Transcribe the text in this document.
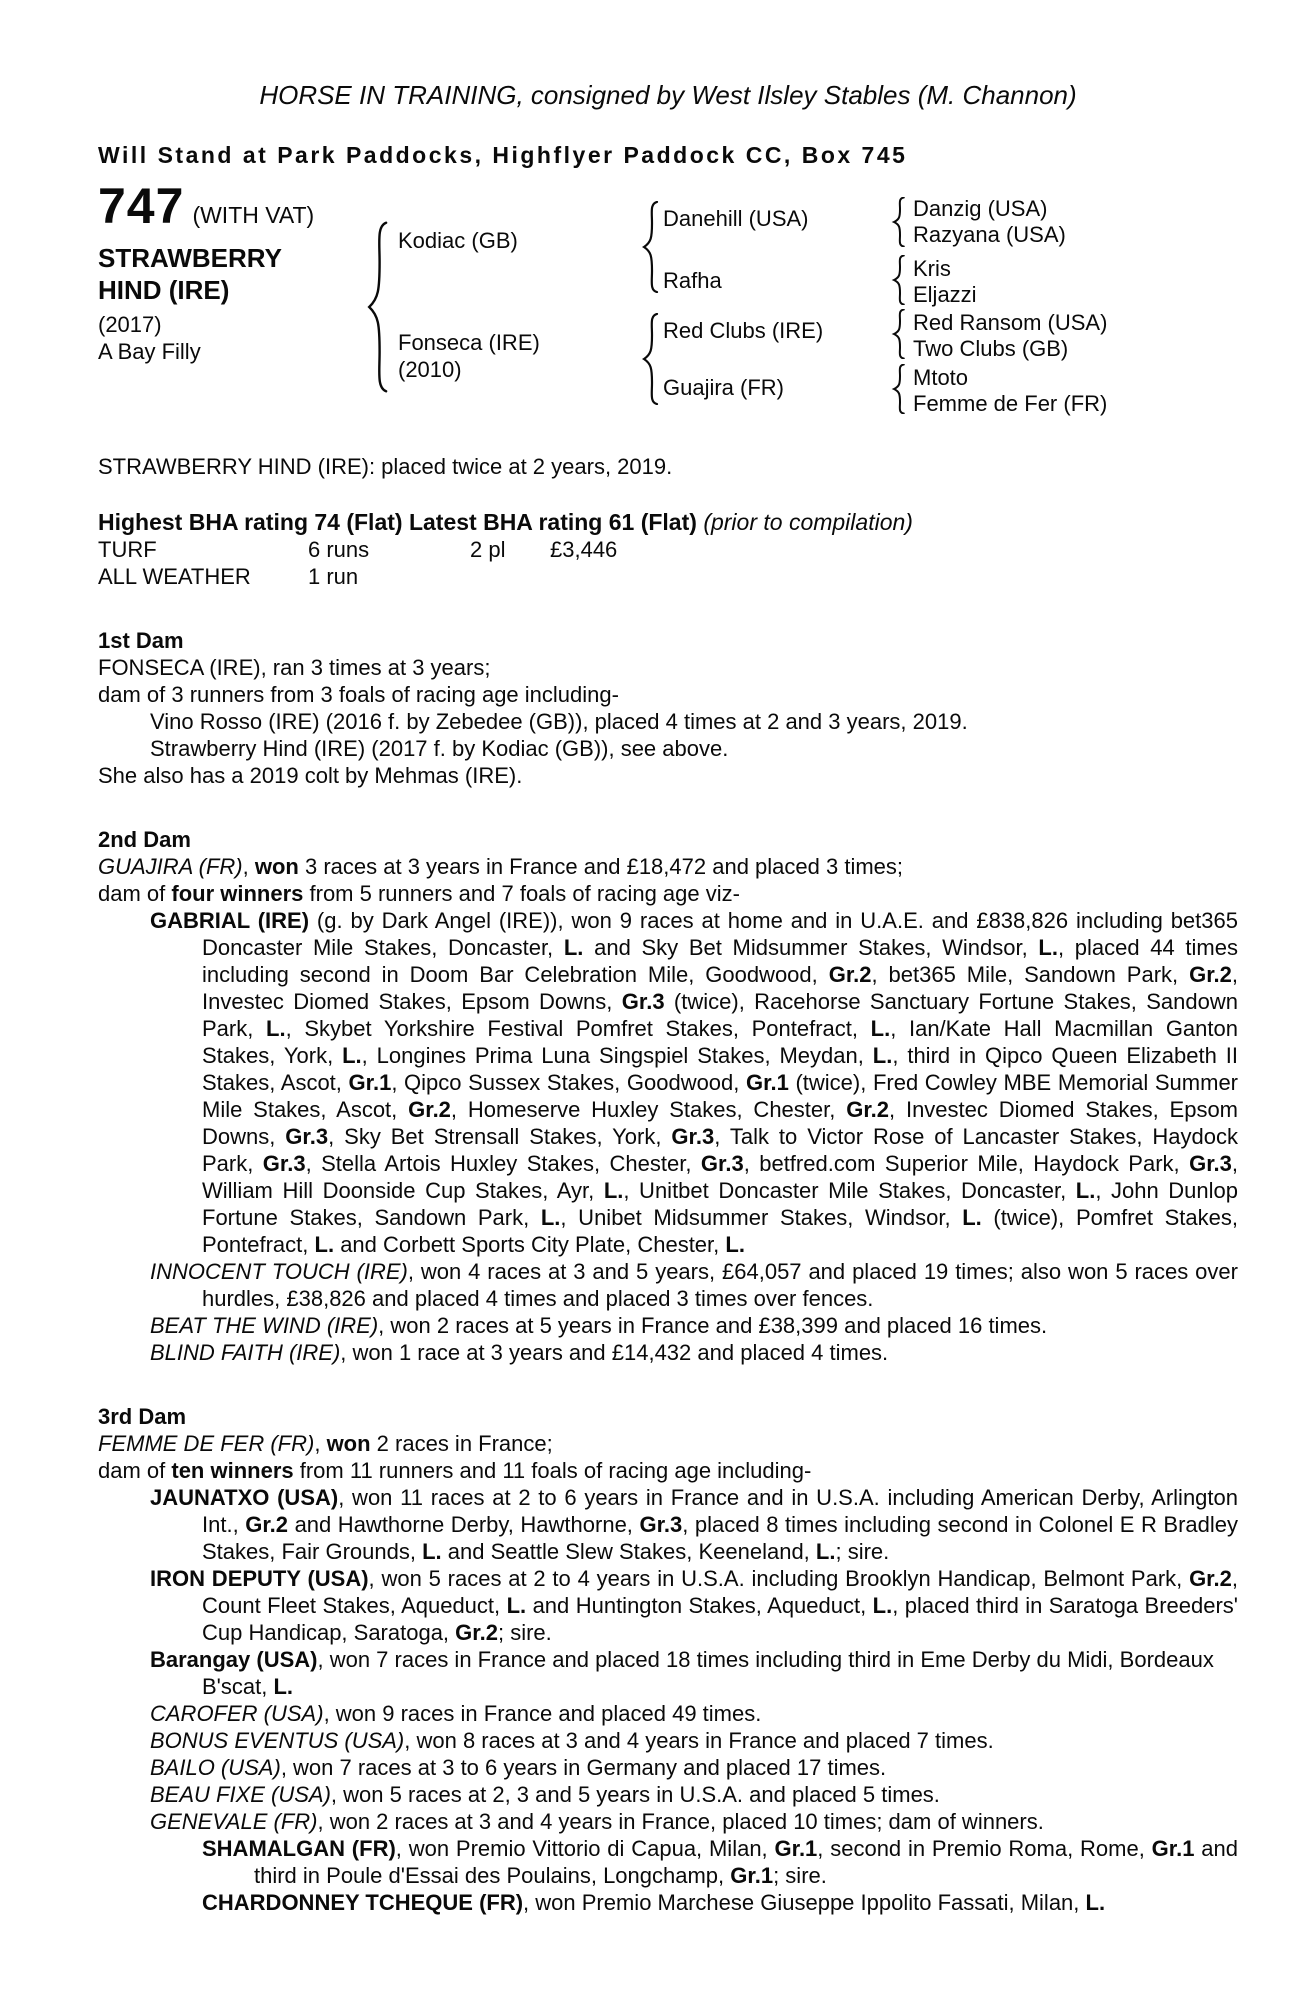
HORSE IN TRAINING, consigned by West Ilsley Stables (M. Channon)
Will Stand at Park Paddocks, Highflyer Paddock CC, Box 745
747 (WITH VAT)
STRAWBERRY
HIND (IRE)
(2017)
A Bay Filly
Kodiac (GB)
Fonseca (IRE)
(2010)
Danehill (USA)
Rafha
Red Clubs (IRE)
Guajira (FR)
Danzig (USA)
Razyana (USA)
Kris
Eljazzi
Red Ransom (USA)
Two Clubs (GB)
Mtoto
Femme de Fer (FR)
STRAWBERRY HIND (IRE): placed twice at 2 years, 2019.
Highest BHA rating 74 (Flat) Latest BHA rating 61 (Flat) (prior to compilation)
TURF	6 runs	2 pl	£3,446
ALL WEATHER	1 run
1st Dam
FONSECA (IRE), ran 3 times at 3 years;
dam of 3 runners from 3 foals of racing age including-
Vino Rosso (IRE) (2016 f. by Zebedee (GB)), placed 4 times at 2 and 3 years, 2019.
Strawberry Hind (IRE) (2017 f. by Kodiac (GB)), see above.
She also has a 2019 colt by Mehmas (IRE).
2nd Dam
GUAJIRA (FR), won 3 races at 3 years in France and £18,472 and placed 3 times;
dam of four winners from 5 runners and 7 foals of racing age viz-
GABRIAL (IRE) (g. by Dark Angel (IRE)), won 9 races at home and in U.A.E. and £838,826 including bet365 Doncaster Mile Stakes, Doncaster, L. and Sky Bet Midsummer Stakes, Windsor, L., placed 44 times including second in Doom Bar Celebration Mile, Goodwood, Gr.2, bet365 Mile, Sandown Park, Gr.2, Investec Diomed Stakes, Epsom Downs, Gr.3 (twice), Racehorse Sanctuary Fortune Stakes, Sandown Park, L., Skybet Yorkshire Festival Pomfret Stakes, Pontefract, L., Ian/Kate Hall Macmillan Ganton Stakes, York, L., Longines Prima Luna Singspiel Stakes, Meydan, L., third in Qipco Queen Elizabeth II Stakes, Ascot, Gr.1, Qipco Sussex Stakes, Goodwood, Gr.1 (twice), Fred Cowley MBE Memorial Summer Mile Stakes, Ascot, Gr.2, Homeserve Huxley Stakes, Chester, Gr.2, Investec Diomed Stakes, Epsom Downs, Gr.3, Sky Bet Strensall Stakes, York, Gr.3, Talk to Victor Rose of Lancaster Stakes, Haydock Park, Gr.3, Stella Artois Huxley Stakes, Chester, Gr.3, betfred.com Superior Mile, Haydock Park, Gr.3, William Hill Doonside Cup Stakes, Ayr, L., Unitbet Doncaster Mile Stakes, Doncaster, L., John Dunlop Fortune Stakes, Sandown Park, L., Unibet Midsummer Stakes, Windsor, L. (twice), Pomfret Stakes, Pontefract, L. and Corbett Sports City Plate, Chester, L.
INNOCENT TOUCH (IRE), won 4 races at 3 and 5 years, £64,057 and placed 19 times; also won 5 races over hurdles, £38,826 and placed 4 times and placed 3 times over fences.
BEAT THE WIND (IRE), won 2 races at 5 years in France and £38,399 and placed 16 times.
BLIND FAITH (IRE), won 1 race at 3 years and £14,432 and placed 4 times.
3rd Dam
FEMME DE FER (FR), won 2 races in France;
dam of ten winners from 11 runners and 11 foals of racing age including-
JAUNATXO (USA), won 11 races at 2 to 6 years in France and in U.S.A. including American Derby, Arlington Int., Gr.2 and Hawthorne Derby, Hawthorne, Gr.3, placed 8 times including second in Colonel E R Bradley Stakes, Fair Grounds, L. and Seattle Slew Stakes, Keeneland, L.; sire.
IRON DEPUTY (USA), won 5 races at 2 to 4 years in U.S.A. including Brooklyn Handicap, Belmont Park, Gr.2, Count Fleet Stakes, Aqueduct, L. and Huntington Stakes, Aqueduct, L., placed third in Saratoga Breeders' Cup Handicap, Saratoga, Gr.2; sire.
Barangay (USA), won 7 races in France and placed 18 times including third in Eme Derby du Midi, Bordeaux B'scat, L.
CAROFER (USA), won 9 races in France and placed 49 times.
BONUS EVENTUS (USA), won 8 races at 3 and 4 years in France and placed 7 times.
BAILO (USA), won 7 races at 3 to 6 years in Germany and placed 17 times.
BEAU FIXE (USA), won 5 races at 2, 3 and 5 years in U.S.A. and placed 5 times.
GENEVALE (FR), won 2 races at 3 and 4 years in France, placed 10 times; dam of winners.
SHAMALGAN (FR), won Premio Vittorio di Capua, Milan, Gr.1, second in Premio Roma, Rome, Gr.1 and third in Poule d'Essai des Poulains, Longchamp, Gr.1; sire.
CHARDONNEY TCHEQUE (FR), won Premio Marchese Giuseppe Ippolito Fassati, Milan, L.
